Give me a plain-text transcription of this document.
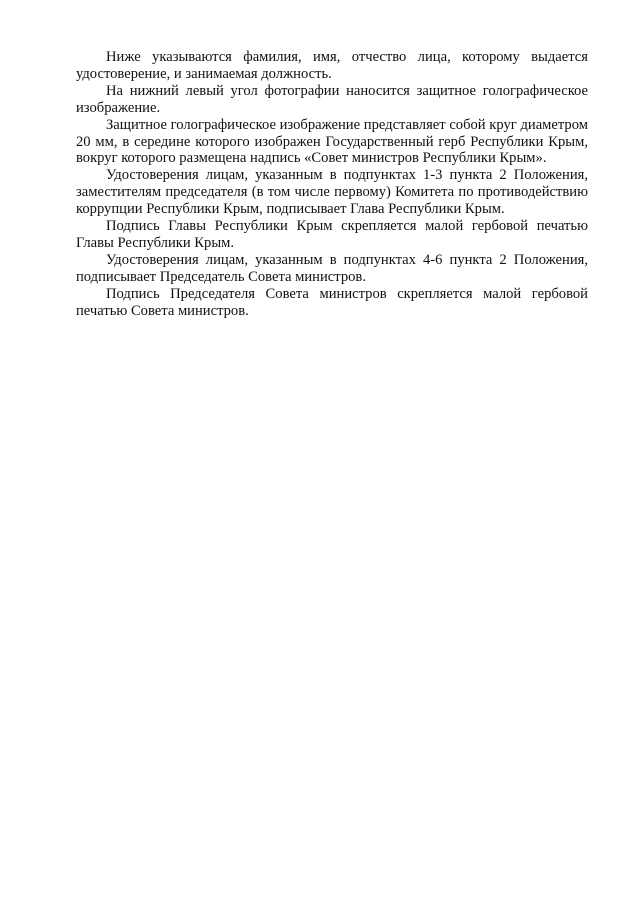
Ниже указываются фамилия, имя, отчество лица, которому выдается удостоверение, и занимаемая должность.

На нижний левый угол фотографии наносится защитное голографическое изображение.

Защитное голографическое изображение представляет собой круг диаметром 20 мм, в середине которого изображен Государственный герб Республики Крым, вокруг которого размещена надпись «Совет министров Республики Крым».

Удостоверения лицам, указанным в подпунктах 1-3 пункта 2 Положения, заместителям председателя (в том числе первому) Комитета по противодействию коррупции Республики Крым, подписывает Глава Республики Крым.

Подпись Главы Республики Крым скрепляется малой гербовой печатью Главы Республики Крым.

Удостоверения лицам, указанным в подпунктах 4-6 пункта 2 Положения, подписывает Председатель Совета министров.

Подпись Председателя Совета министров скрепляется малой гербовой печатью Совета министров.
